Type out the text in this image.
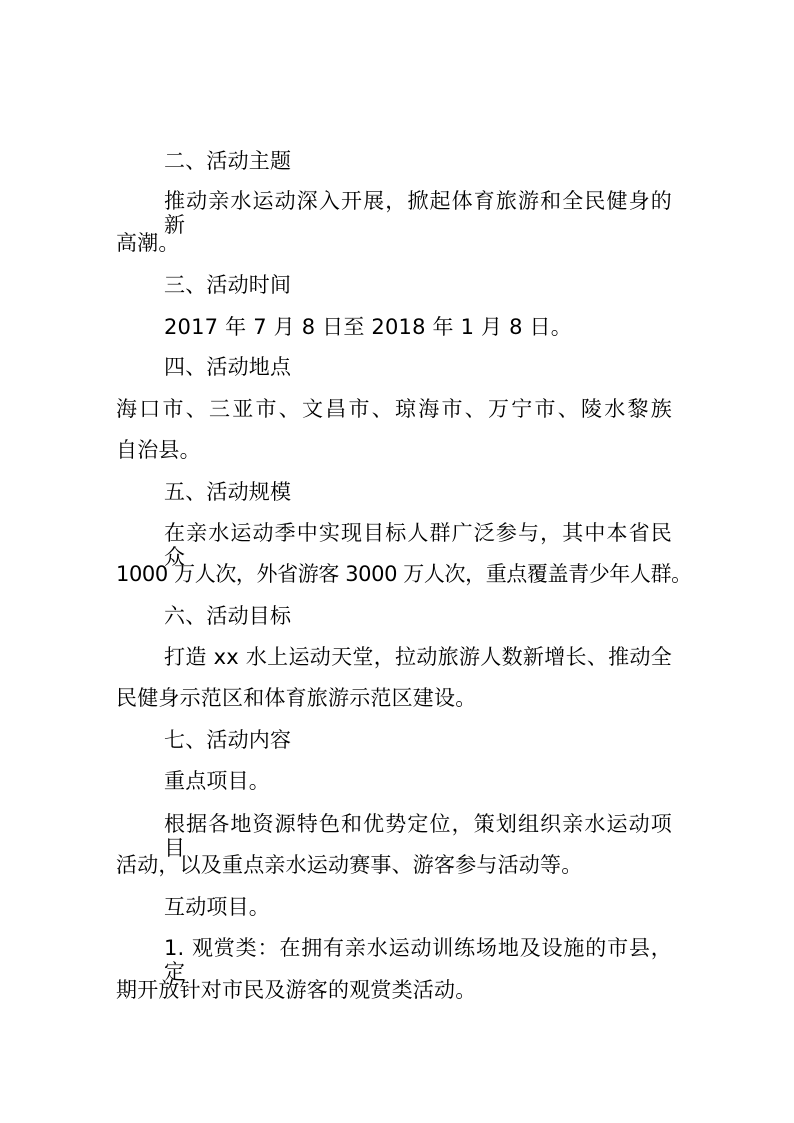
二、活动主题

推动亲水运动深入开展，掀起体育旅游和全民健身的新

高潮。

三、活动时间

2017 年 7 月 8 日至 2018 年 1 月 8 日。

四、活动地点

海口市、三亚市、文昌市、琼海市、万宁市、陵水黎族

自治县。

五、活动规模

在亲水运动季中实现目标人群广泛参与，其中本省民众

1000 万人次，外省游客 3000 万人次，重点覆盖青少年人群。

六、活动目标

打造 xx 水上运动天堂，拉动旅游人数新增长、推动全

民健身示范区和体育旅游示范区建设。

七、活动内容

重点项目。

根据各地资源特色和优势定位，策划组织亲水运动项目

活动，以及重点亲水运动赛事、游客参与活动等。

互动项目。

1. 观赏类：在拥有亲水运动训练场地及设施的市县，定

期开放针对市民及游客的观赏类活动。
